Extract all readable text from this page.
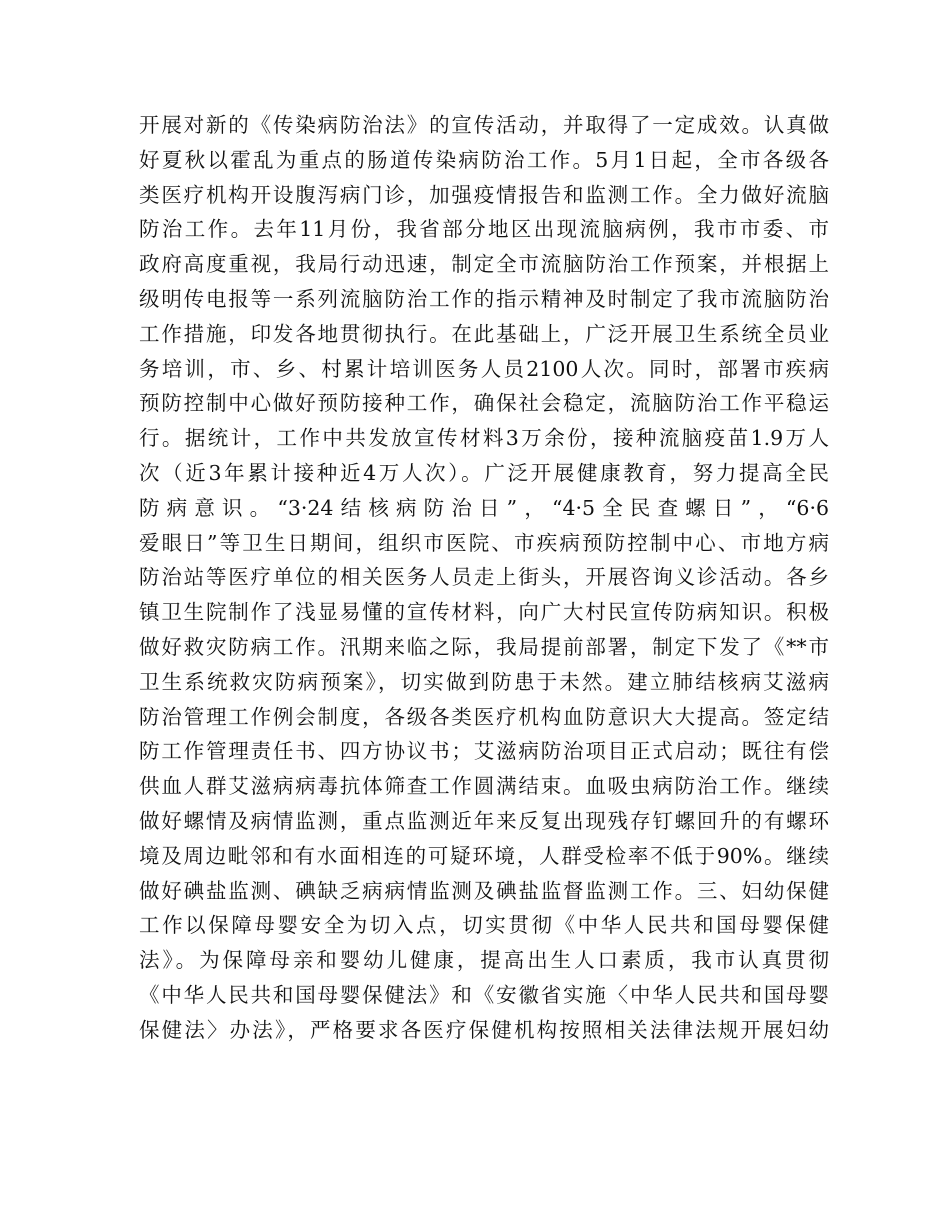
开展对新的《传染病防治法》的宣传活动，并取得了一定成效。认真做
好夏秋以霍乱为重点的肠道传染病防治工作。5月1日起，全市各级各
类医疗机构开设腹泻病门诊，加强疫情报告和监测工作。全力做好流脑
防治工作。去年11月份，我省部分地区出现流脑病例，我市市委、市
政府高度重视，我局行动迅速，制定全市流脑防治工作预案，并根据上
级明传电报等一系列流脑防治工作的指示精神及时制定了我市流脑防治
工作措施，印发各地贯彻执行。在此基础上，广泛开展卫生系统全员业
务培训，市、乡、村累计培训医务人员2100人次。同时，部署市疾病
预防控制中心做好预防接种工作，确保社会稳定，流脑防治工作平稳运
行。据统计，工作中共发放宣传材料3万余份，接种流脑疫苗1.9万人
次（近3年累计接种近4万人次）。广泛开展健康教育，努力提高全民
防病意识。“3·24结核病防治日”，“4·5全民查螺日”，“6·6
爱眼日”等卫生日期间，组织市医院、市疾病预防控制中心、市地方病
防治站等医疗单位的相关医务人员走上街头，开展咨询义诊活动。各乡
镇卫生院制作了浅显易懂的宣传材料，向广大村民宣传防病知识。积极
做好救灾防病工作。汛期来临之际，我局提前部署，制定下发了《**市
卫生系统救灾防病预案》，切实做到防患于未然。建立肺结核病艾滋病
防治管理工作例会制度，各级各类医疗机构血防意识大大提高。签定结
防工作管理责任书、四方协议书；艾滋病防治项目正式启动；既往有偿
供血人群艾滋病病毒抗体筛查工作圆满结束。血吸虫病防治工作。继续
做好螺情及病情监测，重点监测近年来反复出现残存钉螺回升的有螺环
境及周边毗邻和有水面相连的可疑环境，人群受检率不低于90%。继续
做好碘盐监测、碘缺乏病病情监测及碘盐监督监测工作。三、妇幼保健
工作以保障母婴安全为切入点，切实贯彻《中华人民共和国母婴保健
法》。为保障母亲和婴幼儿健康，提高出生人口素质，我市认真贯彻
《中华人民共和国母婴保健法》和《安徽省实施〈中华人民共和国母婴
保健法〉办法》，严格要求各医疗保健机构按照相关法律法规开展妇幼
